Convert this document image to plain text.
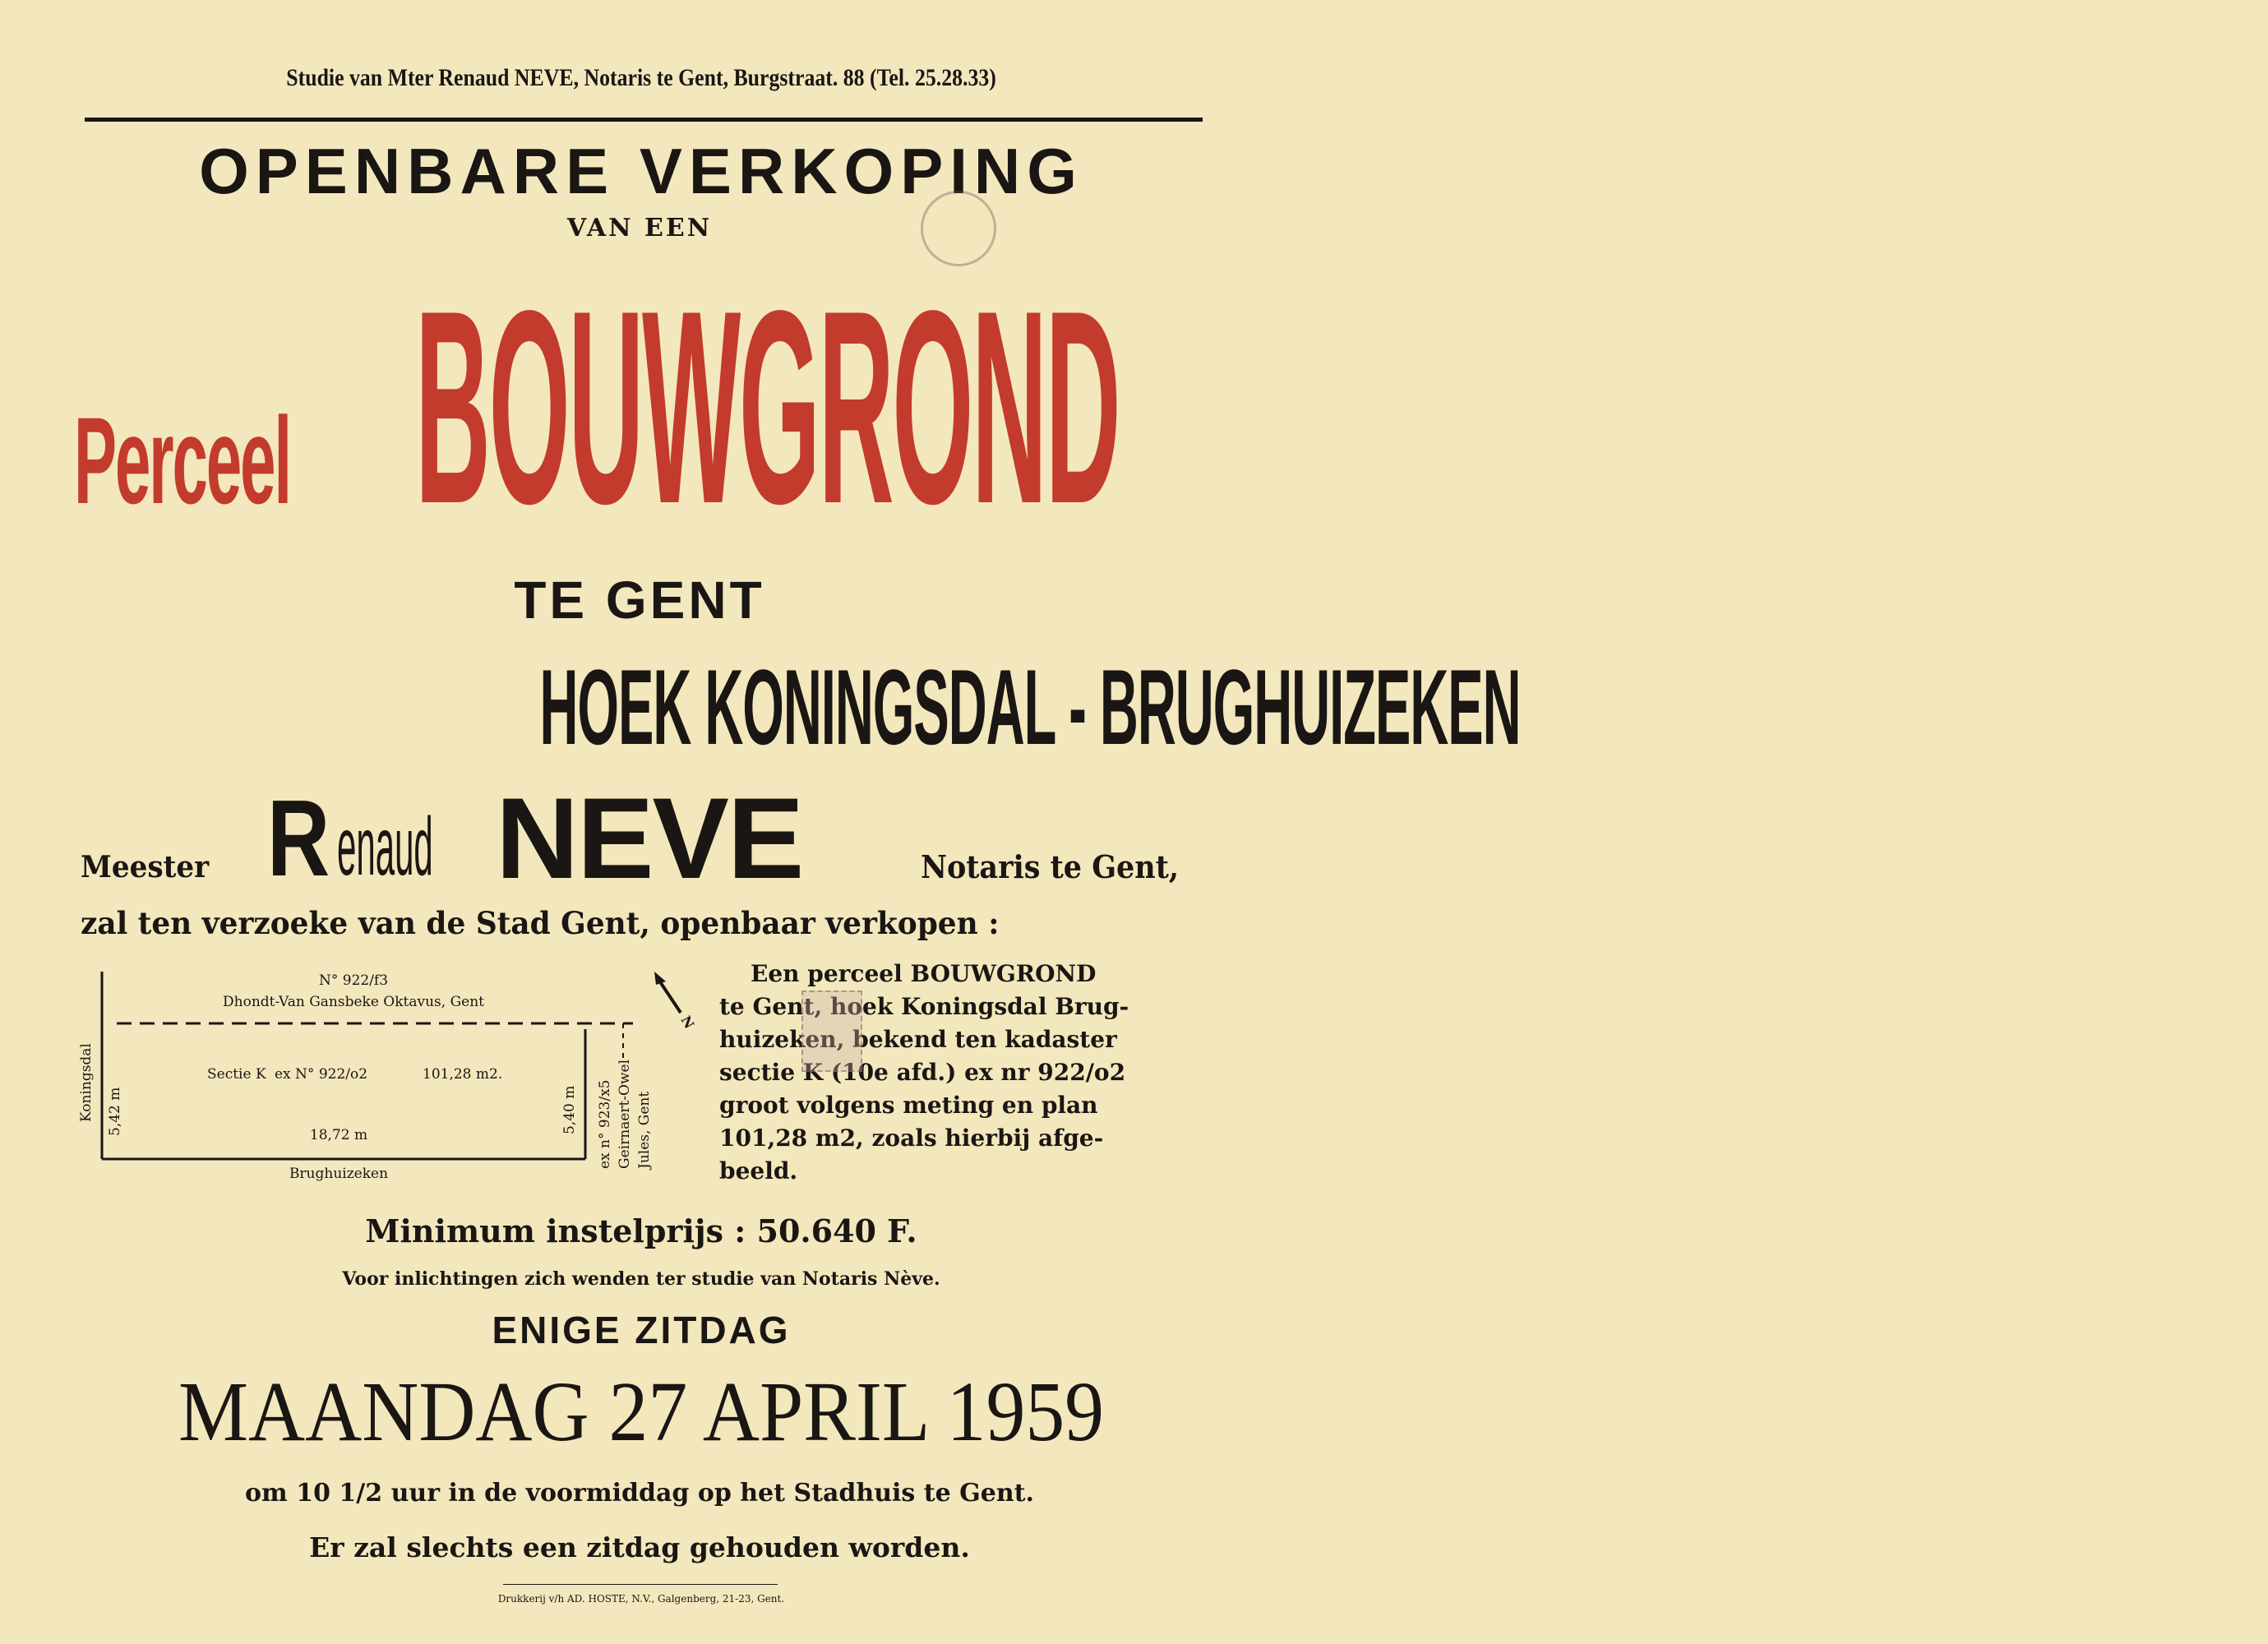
Studie van Mter Renaud NEVE, Notaris te Gent, Burgstraat. 88 (Tel. 25.28.33)
OPENBARE VERKOPING
VAN EEN
Perceel BOUWGROND
TE GENT
HOEK KONINGSDAL - BRUGHUIZEKEN
Meester R enaud NEVE	Notaris te Gent,
zal ten verzoeke van de Stad Gent, openbaar verkopen :
N° 922/f3
Dhondt-Van Gansbeke Oktavus, Gent
Koningsdal 5,42 m
Sectie K ex N° 922/o2	101,28 m2.
5,40 m
18,72 m
Brughuizeken
ex n° 923/x5 Geirnaert-Owel Jules, Gent
N
Een perceel BOUWGROND
te Gent, hoek Koningsdal Brug-
huizeken, bekend ten kadaster
sectie K (10e afd.) ex nr 922/o2
groot volgens meting en plan
101,28 m2, zoals hierbij afge-
beeld.
Minimum instelprijs : 50.640 F.
Voor inlichtingen zich wenden ter studie van Notaris Nève.
ENIGE ZITDAG
MAANDAG 27 APRIL 1959
om 10 1/2 uur in de voormiddag op het Stadhuis te Gent.
Er zal slechts een zitdag gehouden worden.
Drukkerij v/h AD. HOSTE, N.V., Galgenberg, 21-23, Gent.
